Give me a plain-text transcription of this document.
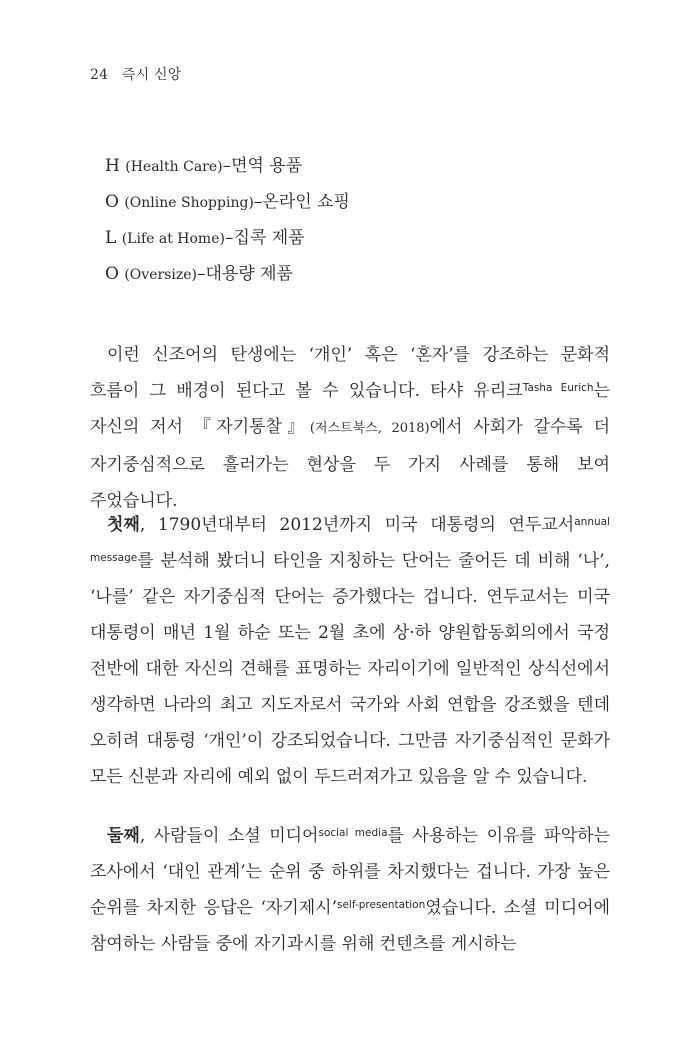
24 즉시 신앙
H (Health Care)–면역 용품
O (Online Shopping)–온라인 쇼핑
L (Life at Home)–집콕 제품
O (Oversize)–대용량 제품

이런 신조어의 탄생에는 ‘개인’ 혹은 ‘혼자’를 강조하는 문화적 흐름이 그 배경이 된다고 볼 수 있습니다. 타샤 유리크$^{Tasha Eurich}$는 자신의 저서 『자기통찰』(저스트북스, 2018)에서 사회가 갈수록 더 자기중심적으로 흘러가는 현상을 두 가지 사례를 통해 보여 주었습니다.

첫째, 1790년대부터 2012년까지 미국 대통령의 연두교서$^{annual message}$를 분석해 봤더니 타인을 지칭하는 단어는 줄어든 데 비해 ‘나’, ‘나를’ 같은 자기중심적 단어는 증가했다는 겁니다. 연두교서는 미국 대통령이 매년 1월 하순 또는 2월 초에 상·하 양원합동회의에서 국정 전반에 대한 자신의 견해를 표명하는 자리이기에 일반적인 상식선에서 생각하면 나라의 최고 지도자로서 국가와 사회 연합을 강조했을 텐데 오히려 대통령 ‘개인’이 강조되었습니다. 그만큼 자기중심적인 문화가 모든 신분과 자리에 예외 없이 두드러져가고 있음을 알 수 있습니다.

둘째, 사람들이 소셜 미디어$^{social media}$를 사용하는 이유를 파악하는 조사에서 ‘대인 관계’는 순위 중 하위를 차지했다는 겁니다. 가장 높은 순위를 차지한 응답은 ‘자기제시’$^{self-presentation}$였습니다. 소셜 미디어에 참여하는 사람들 중에 자기과시를 위해 컨텐츠를 게시하는
